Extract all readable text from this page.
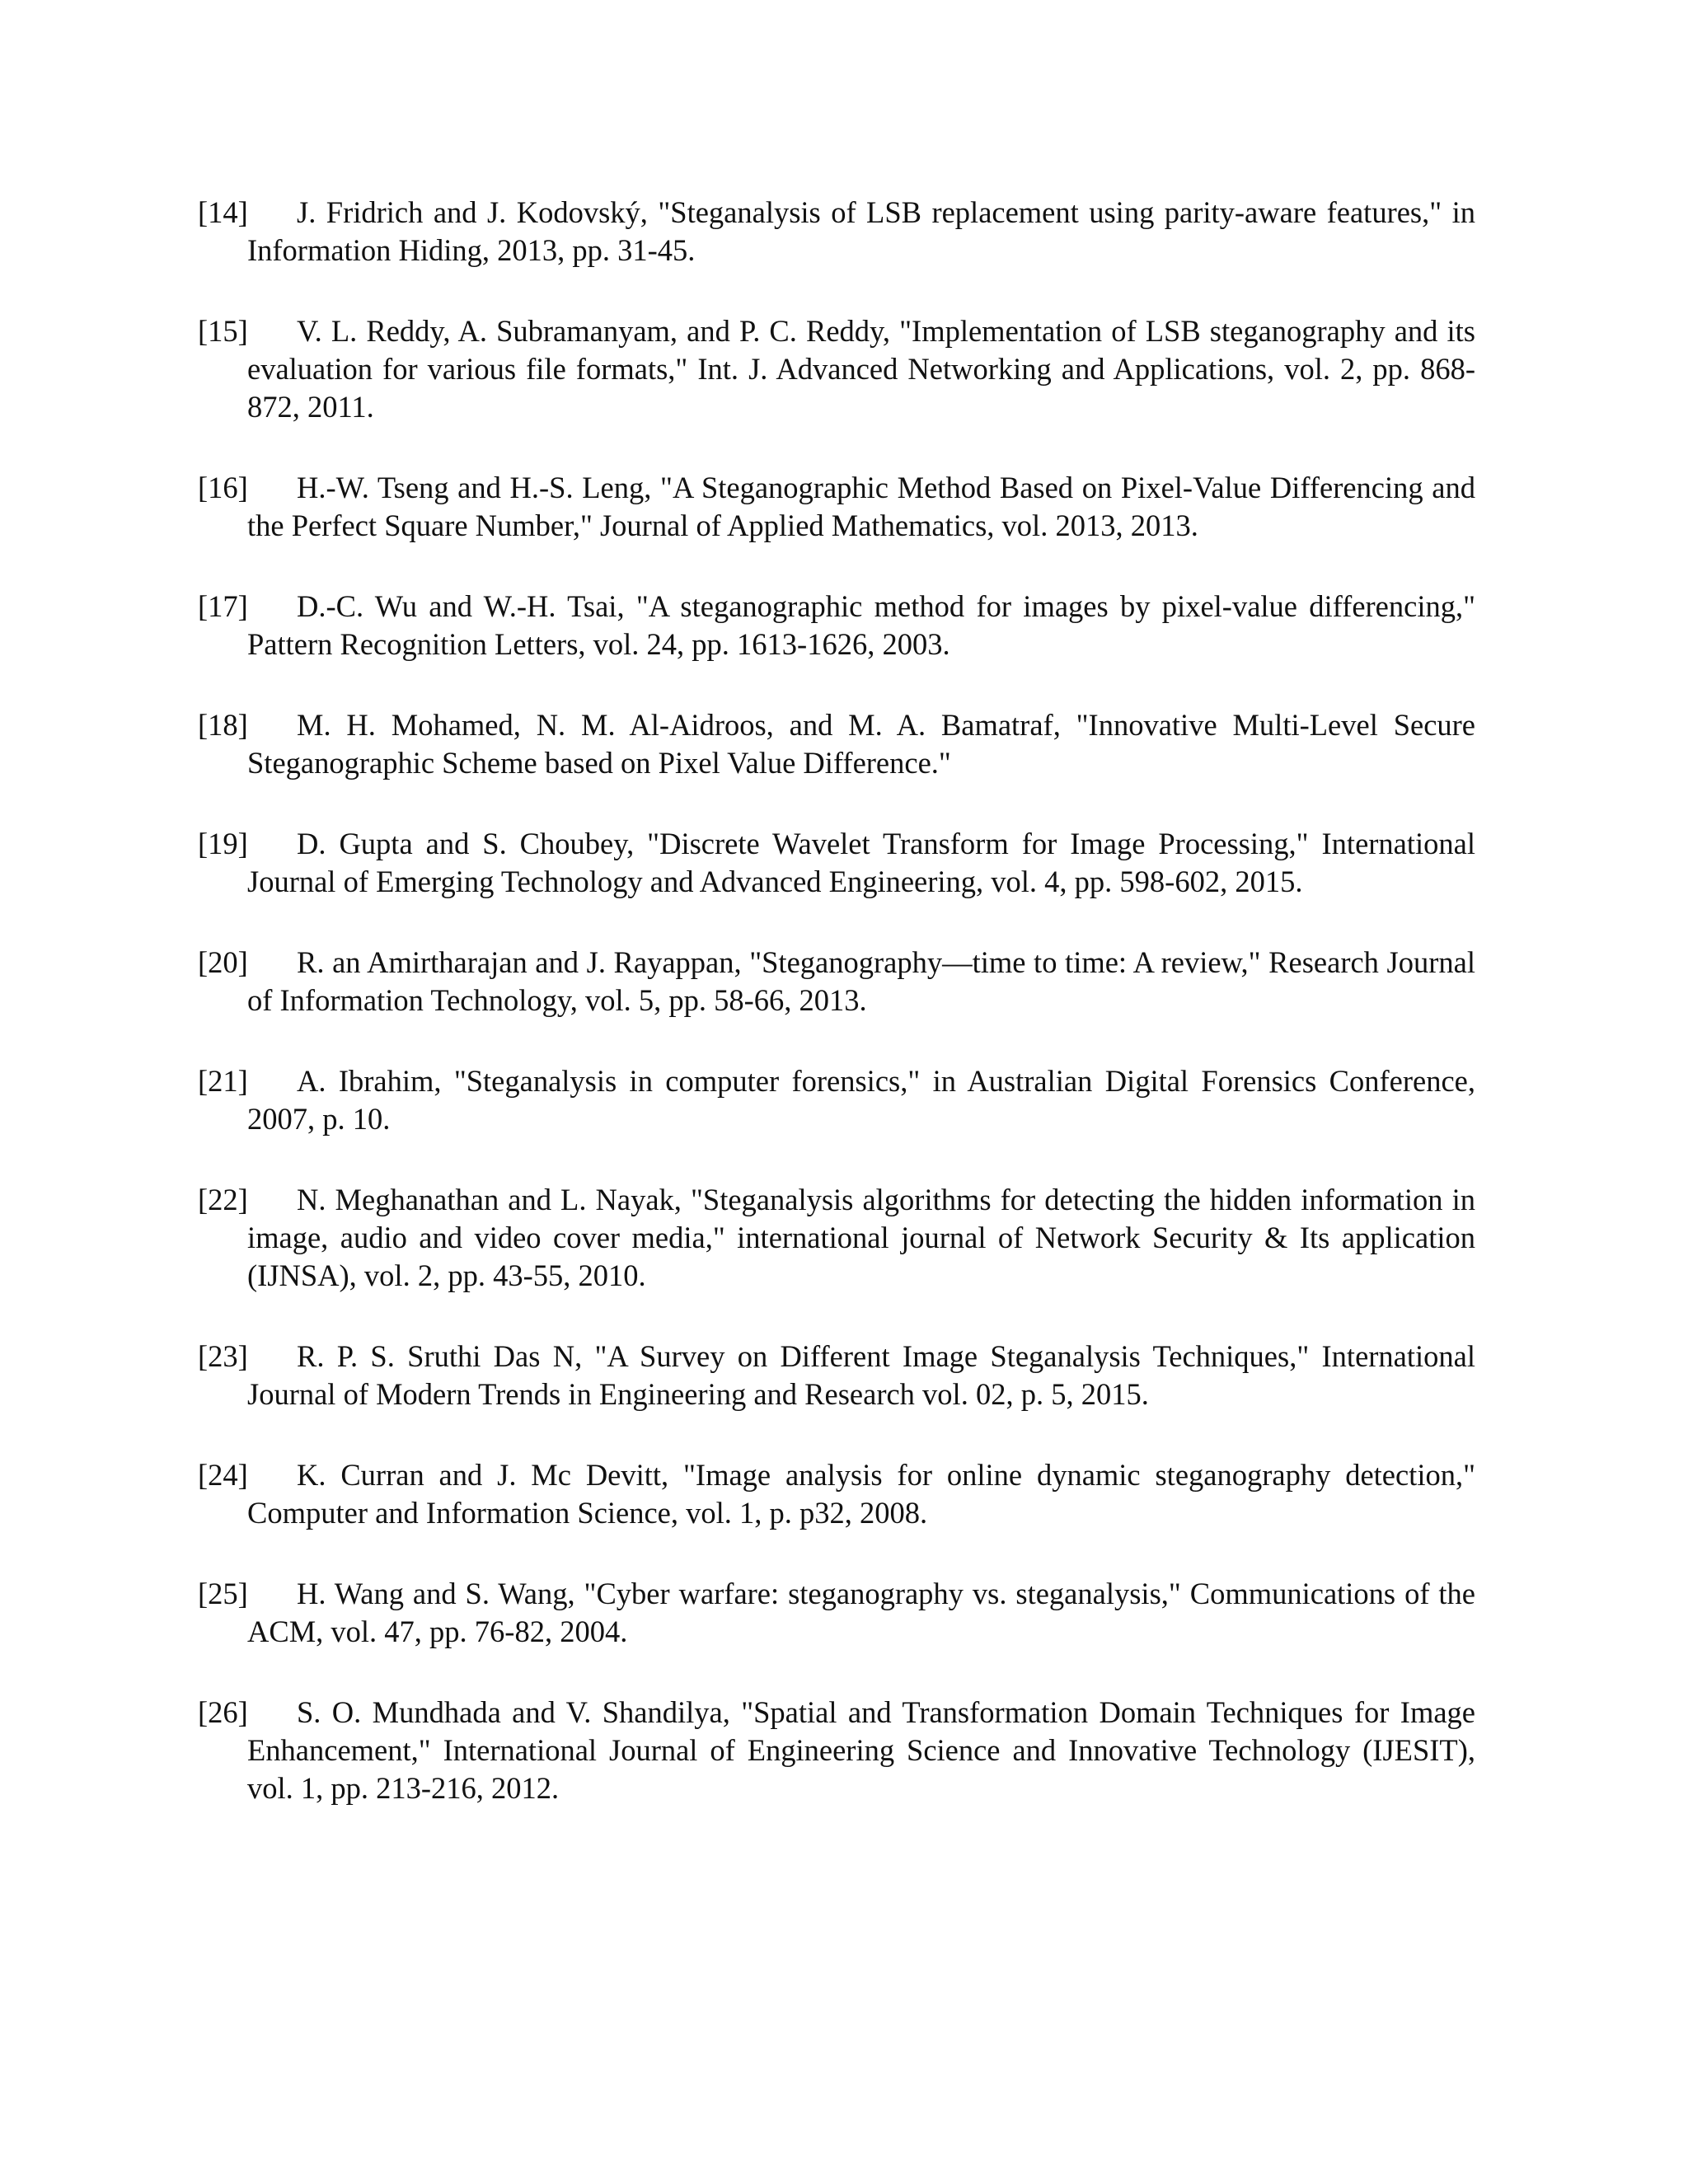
[14] J. Fridrich and J. Kodovský, "Steganalysis of LSB replacement using parity-aware features," in Information Hiding, 2013, pp. 31-45.
[15] V. L. Reddy, A. Subramanyam, and P. C. Reddy, "Implementation of LSB steganography and its evaluation for various file formats," Int. J. Advanced Networking and Applications, vol. 2, pp. 868-872, 2011.
[16] H.-W. Tseng and H.-S. Leng, "A Steganographic Method Based on Pixel-Value Differencing and the Perfect Square Number," Journal of Applied Mathematics, vol. 2013, 2013.
[17] D.-C. Wu and W.-H. Tsai, "A steganographic method for images by pixel-value differencing," Pattern Recognition Letters, vol. 24, pp. 1613-1626, 2003.
[18] M. H. Mohamed, N. M. Al-Aidroos, and M. A. Bamatraf, "Innovative Multi-Level Secure Steganographic Scheme based on Pixel Value Difference."
[19] D. Gupta and S. Choubey, "Discrete Wavelet Transform for Image Processing," International Journal of Emerging Technology and Advanced Engineering, vol. 4, pp. 598-602, 2015.
[20] R. an Amirtharajan and J. Rayappan, "Steganography—time to time: A review," Research Journal of Information Technology, vol. 5, pp. 58-66, 2013.
[21] A. Ibrahim, "Steganalysis in computer forensics," in Australian Digital Forensics Conference, 2007, p. 10.
[22] N. Meghanathan and L. Nayak, "Steganalysis algorithms for detecting the hidden information in image, audio and video cover media," international journal of Network Security & Its application (IJNSA), vol. 2, pp. 43-55, 2010.
[23] R. P. S. Sruthi Das N, "A Survey on Different Image Steganalysis Techniques," International Journal of Modern Trends in Engineering and Research vol. 02, p. 5, 2015.
[24] K. Curran and J. Mc Devitt, "Image analysis for online dynamic steganography detection," Computer and Information Science, vol. 1, p. p32, 2008.
[25] H. Wang and S. Wang, "Cyber warfare: steganography vs. steganalysis," Communications of the ACM, vol. 47, pp. 76-82, 2004.
[26] S. O. Mundhada and V. Shandilya, "Spatial and Transformation Domain Techniques for Image Enhancement," International Journal of Engineering Science and Innovative Technology (IJESIT), vol. 1, pp. 213-216, 2012.
